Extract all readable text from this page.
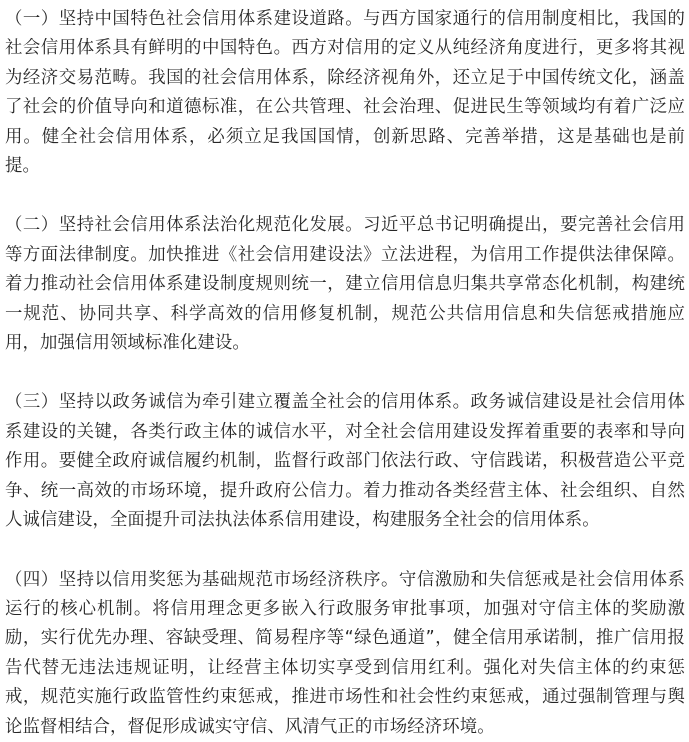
（一）坚持中国特色社会信用体系建设道路。与西方国家通行的信用制度相比，我国的社会信用体系具有鲜明的中国特色。西方对信用的定义从纯经济角度进行，更多将其视为经济交易范畴。我国的社会信用体系，除经济视角外，还立足于中国传统文化，涵盖了社会的价值导向和道德标准，在公共管理、社会治理、促进民生等领域均有着广泛应用。健全社会信用体系，必须立足我国国情，创新思路、完善举措，这是基础也是前提。

（二）坚持社会信用体系法治化规范化发展。习近平总书记明确提出，要完善社会信用等方面法律制度。加快推进《社会信用建设法》立法进程，为信用工作提供法律保障。着力推动社会信用体系建设制度规则统一，建立信用信息归集共享常态化机制，构建统一规范、协同共享、科学高效的信用修复机制，规范公共信用信息和失信惩戒措施应用，加强信用领域标准化建设。

（三）坚持以政务诚信为牵引建立覆盖全社会的信用体系。政务诚信建设是社会信用体系建设的关键，各类行政主体的诚信水平，对全社会信用建设发挥着重要的表率和导向作用。要健全政府诚信履约机制，监督行政部门依法行政、守信践诺，积极营造公平竞争、统一高效的市场环境，提升政府公信力。着力推动各类经营主体、社会组织、自然人诚信建设，全面提升司法执法体系信用建设，构建服务全社会的信用体系。

（四）坚持以信用奖惩为基础规范市场经济秩序。守信激励和失信惩戒是社会信用体系运行的核心机制。将信用理念更多嵌入行政服务审批事项，加强对守信主体的奖励激励，实行优先办理、容缺受理、简易程序等“绿色通道”，健全信用承诺制，推广信用报告代替无违法违规证明，让经营主体切实享受到信用红利。强化对失信主体的约束惩戒，规范实施行政监管性约束惩戒，推进市场性和社会性约束惩戒，通过强制管理与舆论监督相结合，督促形成诚实守信、风清气正的市场经济环境。
